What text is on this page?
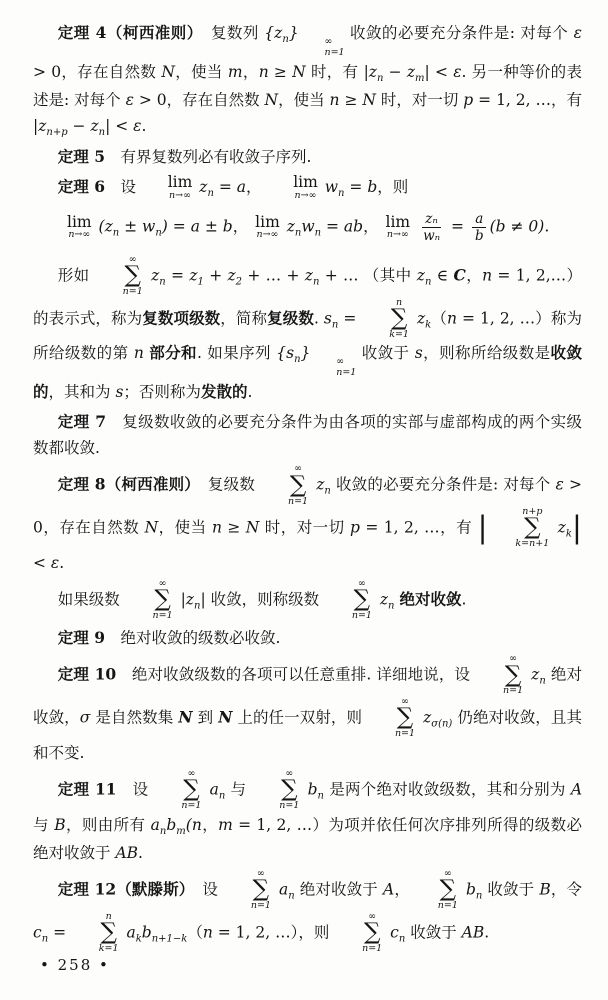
定理 4（柯西准则）　复数列 $\{z_n\}$	∞
n=1
收敛的必要充分条件是: 对每个 ε > 0，存在自然数 N，使当 m，n ≥ N 时，有 $|z_n - z_m| < \varepsilon$. 另一种等价的表述是: 对每个 ε > 0，存在自然数 N，使当 n ≥ N 时，对一切 p = 1, 2, …，有 $|z_{n+p} - z_n| < \varepsilon$.

定理 5　有界复数列必有收敛子序列.

定理 6　设	lim
n→∞ $z_n = a$，	lim
n→∞ $w_n = b$，则

lim
n→∞ $(z_n \pm w_n) = a \pm b$， lim
n→∞ $z_nw_n$ = ab， lim
n→∞
$\frac{\text{zₙ}}{\text{wₙ}} = \frac{a}{b} (b \ne 0)$.

形如
∞
∑
n=1
$z_n = z_1 + z_2$ + … + $z_n$ + … （其中 $z_n$ ∈ C，n = 1, 2,…）的表示式，称为复数项级数，简称复级数. $s_n$ =
n
∑
k=1
$z_k(n = 1$, 2, …）称为所给级数的第 n 部分和. 如果序列 $\{s_n\}$	∞
n=1
收敛于 s，则称所给级数是收敛的，其和为 s；否则称为发散的.

定理 7　复级数收敛的必要充分条件为由各项的实部与虚部构成的两个实级数都收敛.

定理 8（柯西准则）　复级数
∞
∑
n=1
$z_n$ 收敛的必要充分条件是: 对每个 ε > 0，存在自然数 N，使当 n ≥ N 时，对一切 p = 1, 2, …，有 |	n+p
∑
k=n+1
$z_k| < \varepsilon$.

如果级数
∞
∑
n=1
$|z_n|$ 收敛，则称级数
∞
∑
n=1
$z_n$ 绝对收敛.

定理 9　绝对收敛的级数必收敛.

定理 10　绝对收敛级数的各项可以任意重排. 详细地说，设
∞
∑
n=1
$z_n$ 绝对收敛，σ 是自然数集 N 到 N 上的任一双射，则
∞
∑
n=1
$z_{\sigma(n)}$ 仍绝对收敛，且其和不变.

定理 11　设
∞
∑
n=1
$a_n$ 与
∞
∑
n=1
$b_n$ 是两个绝对收敛级数，其和分别为 A 与 B，则由所有 $a_nb_m(n$，m = 1, 2, …）为项并依任何次序排列所得的级数必绝对收敛于 AB.

定理 12（默滕斯）　设
∞
∑
n=1
$a_n$ 绝对收敛于 A，
∞
∑
n=1
$b_n$ 收敛于 B，令 $c_n$ =
n
∑
k=1
$a_kb_{n+1-k}(n = 1$, 2, …），则
∞
∑
n=1
$c_n$ 收敛于 AB.

• 258 •
